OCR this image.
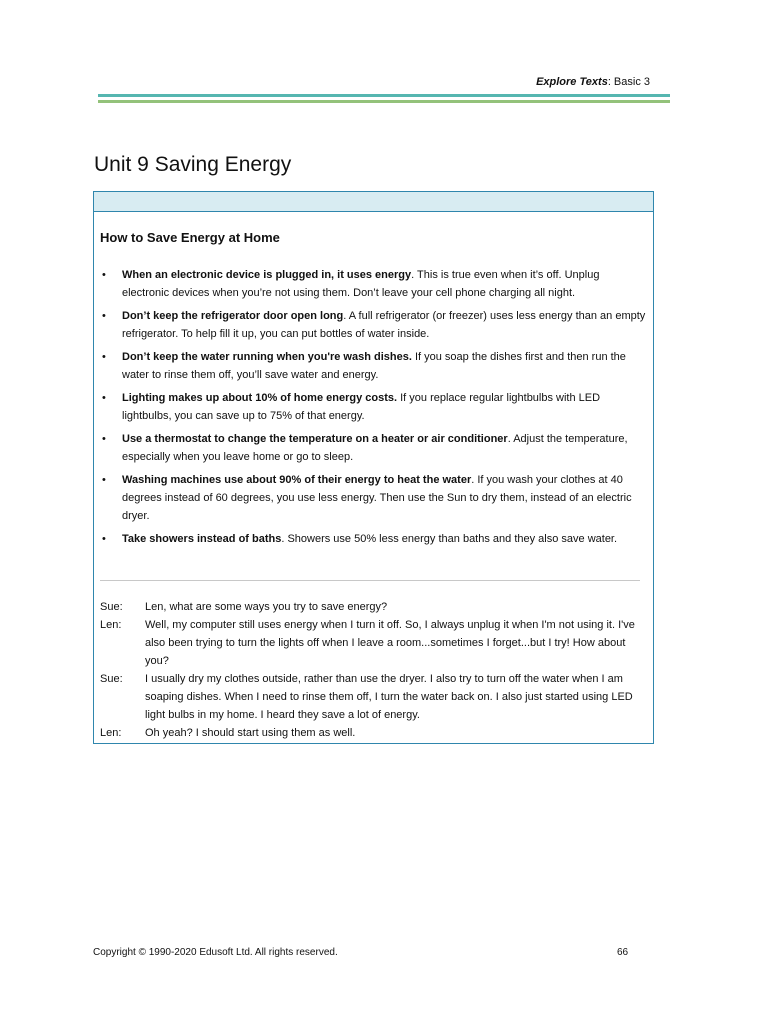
Explore Texts: Basic 3
Unit 9 Saving Energy
How to Save Energy at Home
• When an electronic device is plugged in, it uses energy. This is true even when it’s off. Unplug electronic devices when you’re not using them. Don’t leave your cell phone charging all night.
• Don’t keep the refrigerator door open long. A full refrigerator (or freezer) uses less energy than an empty refrigerator. To help fill it up, you can put bottles of water inside.
• Don’t keep the water running when you're wash dishes. If you soap the dishes first and then run the water to rinse them off, you’ll save water and energy.
• Lighting makes up about 10% of home energy costs. If you replace regular lightbulbs with LED lightbulbs, you can save up to 75% of that energy.
• Use a thermostat to change the temperature on a heater or air conditioner. Adjust the temperature, especially when you leave home or go to sleep.
• Washing machines use about 90% of their energy to heat the water. If you wash your clothes at 40 degrees instead of 60 degrees, you use less energy. Then use the Sun to dry them, instead of an electric dryer.
• Take showers instead of baths. Showers use 50% less energy than baths and they also save water.
Sue:	Len, what are some ways you try to save energy?
Len:	Well, my computer still uses energy when I turn it off. So, I always unplug it when I'm not using it. I've also been trying to turn the lights off when I leave a room...sometimes I forget...but I try! How about you?
Sue:	I usually dry my clothes outside, rather than use the dryer. I also try to turn off the water when I am soaping dishes. When I need to rinse them off, I turn the water back on. I also just started using LED light bulbs in my home. I heard they save a lot of energy.
Len:	Oh yeah? I should start using them as well.
Copyright © 1990-2020 Edusoft Ltd. All rights reserved.	66
